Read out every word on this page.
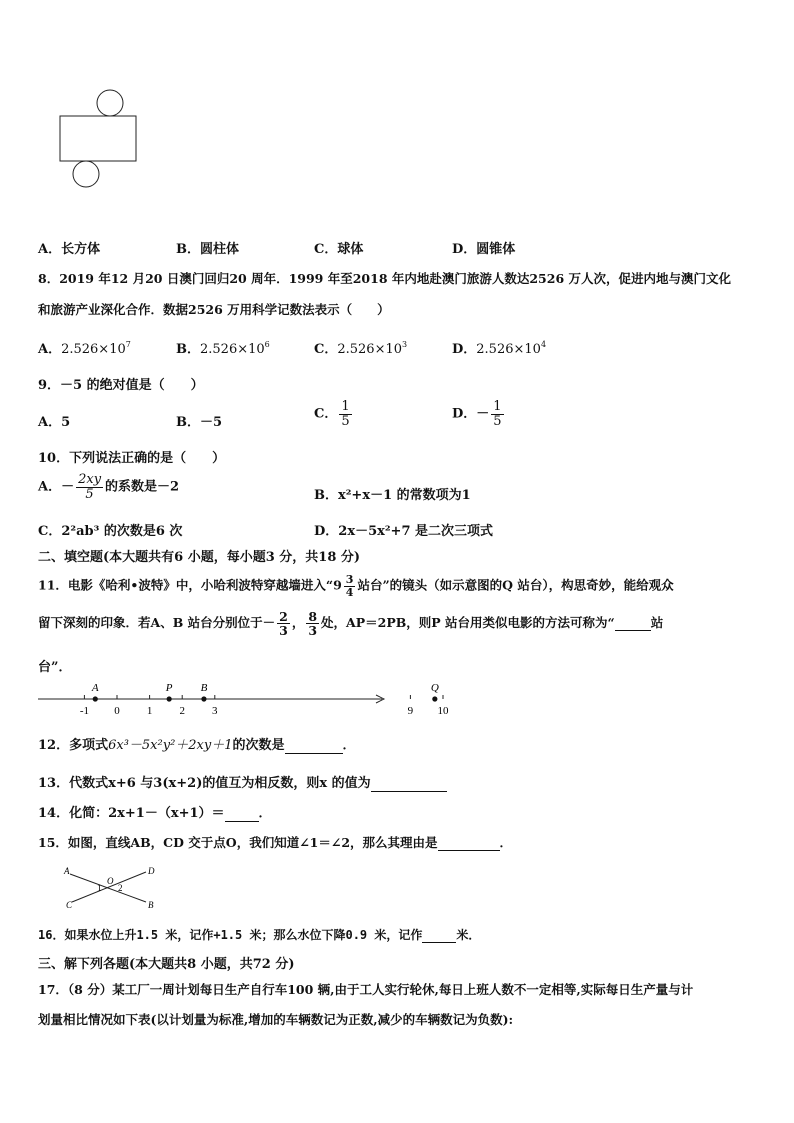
A．长方体	B．圆柱体	C．球体	D．圆锥体
8．2019 年12 月20 日澳门回归20 周年．1999 年至2018 年内地赴澳门旅游人数达2526 万人次，促进内地与澳门文化
和旅游产业深化合作．数据2526 万用科学记数法表示（　　）
A．$2.526\times 10^7$	B．$2.526\times 10^6$	C．$2.526\times 10^3$	D．$2.526\times 10^4$
9．－5 的绝对值是（　　）
A．5	B．－5
C． $\frac{1}{5}$	D．－ $\frac{1}{5}$
10．下列说法正确的是（　　）
A．－ $\frac{2xy}{5}$ 的系数是－2
B．x²+x－1 的常数项为1
C．2²ab³ 的次数是6 次	D．2x－5x²+7 是二次三项式
二、填空题(本大题共有6 小题，每小题3 分，共18 分)
11．电影《哈利•波特》中，小哈利波特穿越墙进入“$9 \frac{3}{4}$ 站台”的镜头（如示意图的Q 站台），构思奇妙，能给观众
留下深刻的印象．若A、B 站台分别位于－ $\frac{2}{3}$ ， $\frac{8}{3}$ 处，AP＝2PB，则P 站台用类似电影的方法可称为“	站
台”．
-1 0 1 2 3	9 10
A	P	B	Q
12．多项式6x³－5x²y²＋2xy＋1的次数是	．
13．代数式x+6 与3(x+2)的值互为相反数，则x 的值为
14．化简：2x+1－（x+1）＝	．
15．如图，直线AB，CD 交于点O，我们知道∠1＝∠2，那么其理由是	．
A	D
C	B
O
1 2
16．如果水位上升1.5 米，记作+1.5 米；那么水位下降0.9 米，记作	米．
三、解下列各题(本大题共8 小题，共72 分)
17．（8 分）某工厂一周计划每日生产自行车100 辆,由于工人实行轮休,每日上班人数不一定相等,实际每日生产量与计
划量相比情况如下表(以计划量为标准,增加的车辆数记为正数,减少的车辆数记为负数):
